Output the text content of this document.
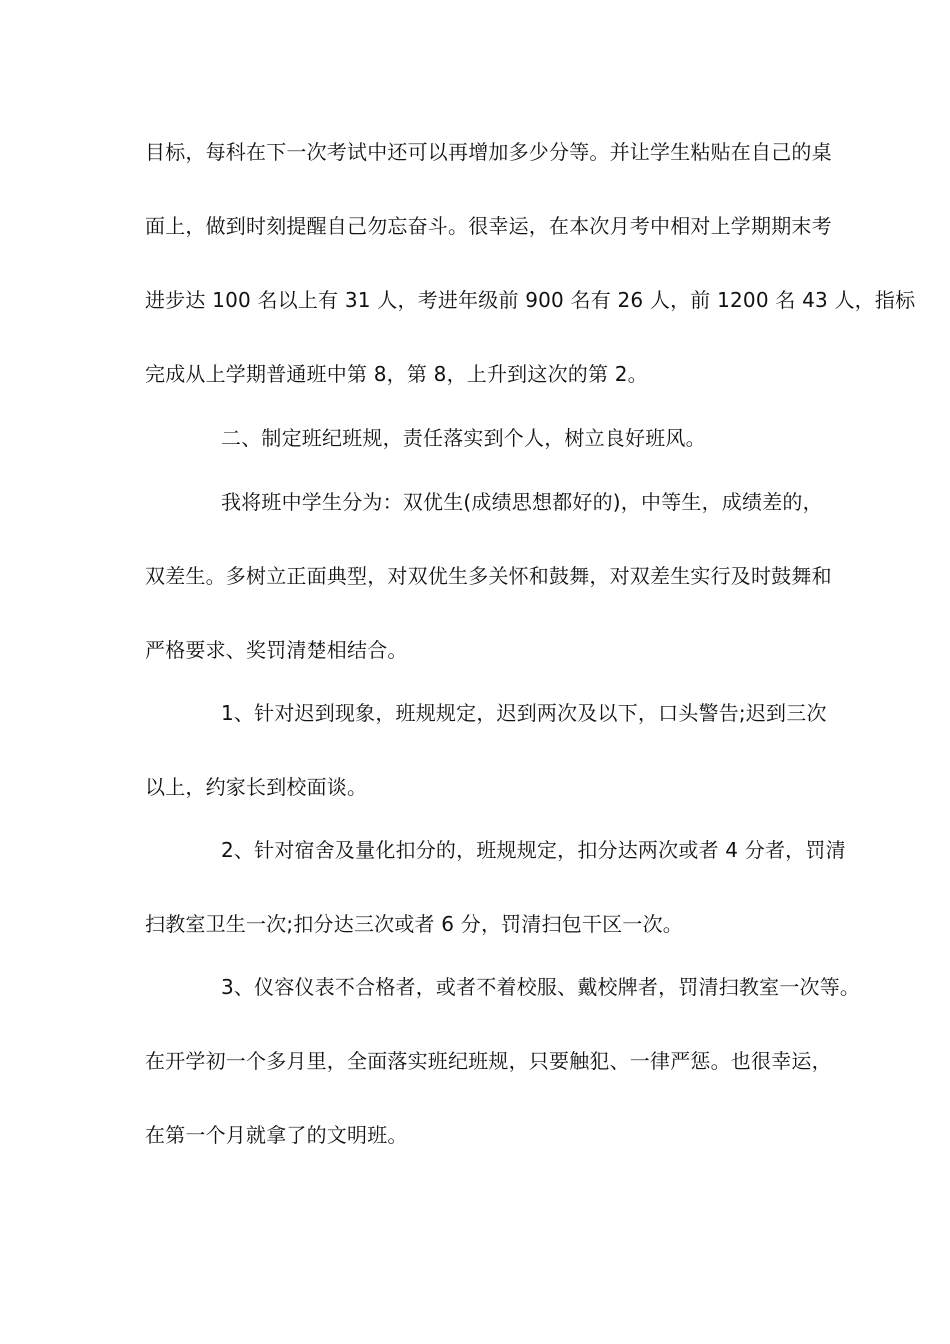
目标，每科在下一次考试中还可以再增加多少分等。并让学生粘贴在自己的桌
面上，做到时刻提醒自己勿忘奋斗。很幸运，在本次月考中相对上学期期末考
进步达 100 名以上有 31 人，考进年级前 900 名有 26 人，前 1200 名 43 人，指标
完成从上学期普通班中第 8，第 8，上升到这次的第 2。
二、制定班纪班规，责任落实到个人，树立良好班风。
我将班中学生分为：双优生(成绩思想都好的)，中等生，成绩差的，
双差生。多树立正面典型，对双优生多关怀和鼓舞，对双差生实行及时鼓舞和
严格要求、奖罚清楚相结合。
1、针对迟到现象，班规规定，迟到两次及以下，口头警告;迟到三次
以上，约家长到校面谈。
2、针对宿舍及量化扣分的，班规规定，扣分达两次或者 4 分者，罚清
扫教室卫生一次;扣分达三次或者 6 分，罚清扫包干区一次。
3、仪容仪表不合格者，或者不着校服、戴校牌者，罚清扫教室一次等。
在开学初一个多月里，全面落实班纪班规，只要触犯、一律严惩。也很幸运，
在第一个月就拿了的文明班。
